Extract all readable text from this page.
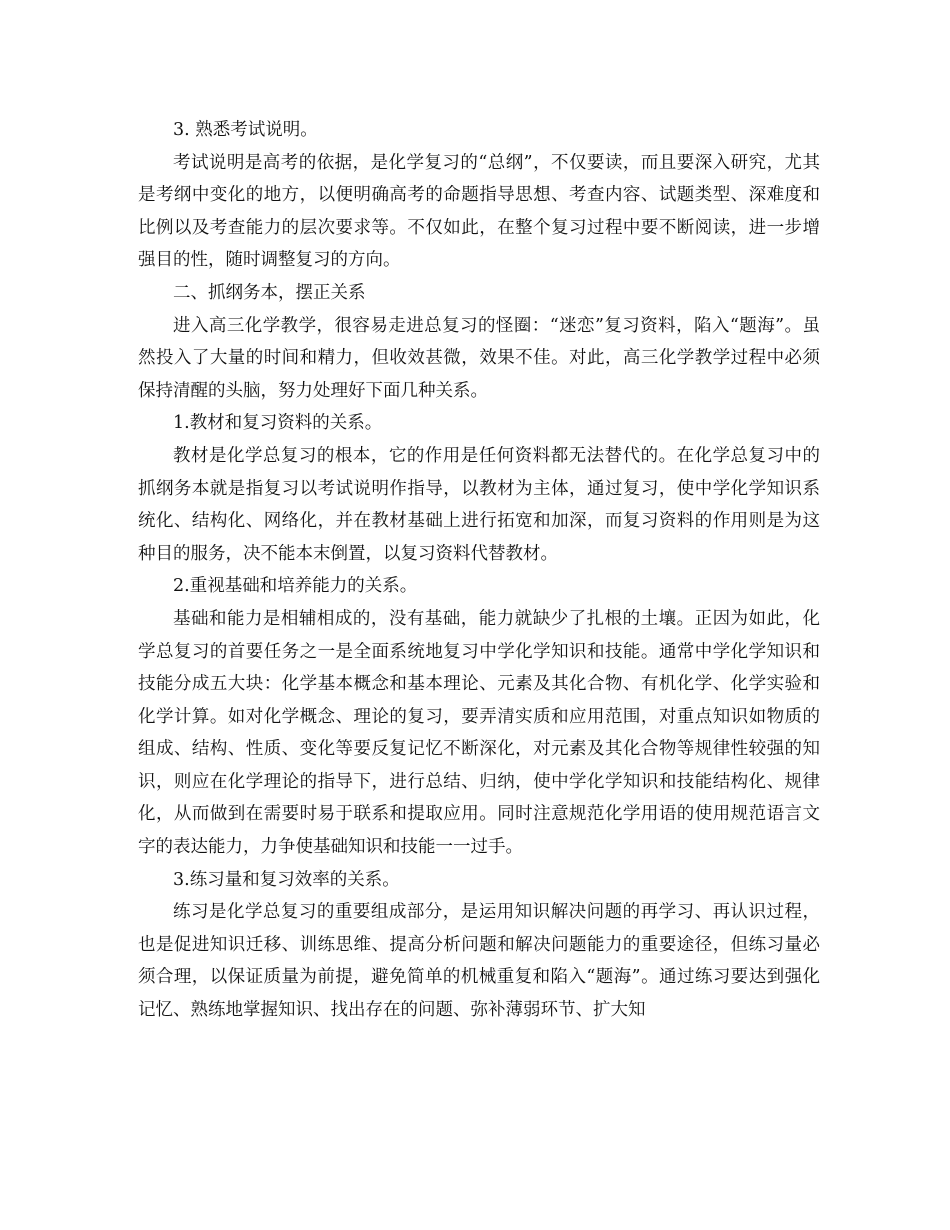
3. 熟悉考试说明。

考试说明是高考的依据，是化学复习的“总纲”，不仅要读，而且要深入研究，尤其是考纲中变化的地方，以便明确高考的命题指导思想、考查内容、试题类型、深难度和比例以及考查能力的层次要求等。不仅如此，在整个复习过程中要不断阅读，进一步增强目的性，随时调整复习的方向。

二、抓纲务本，摆正关系

进入高三化学教学，很容易走进总复习的怪圈：“迷恋”复习资料，陷入“题海”。虽然投入了大量的时间和精力，但收效甚微，效果不佳。对此，高三化学教学过程中必须保持清醒的头脑，努力处理好下面几种关系。

1.教材和复习资料的关系。

教材是化学总复习的根本，它的作用是任何资料都无法替代的。在化学总复习中的抓纲务本就是指复习以考试说明作指导，以教材为主体，通过复习，使中学化学知识系统化、结构化、网络化，并在教材基础上进行拓宽和加深，而复习资料的作用则是为这种目的服务，决不能本末倒置，以复习资料代替教材。

2.重视基础和培养能力的关系。

基础和能力是相辅相成的，没有基础，能力就缺少了扎根的土壤。正因为如此，化学总复习的首要任务之一是全面系统地复习中学化学知识和技能。通常中学化学知识和技能分成五大块：化学基本概念和基本理论、元素及其化合物、有机化学、化学实验和化学计算。如对化学概念、理论的复习，要弄清实质和应用范围，对重点知识如物质的组成、结构、性质、变化等要反复记忆不断深化，对元素及其化合物等规律性较强的知识，则应在化学理论的指导下，进行总结、归纳，使中学化学知识和技能结构化、规律化，从而做到在需要时易于联系和提取应用。同时注意规范化学用语的使用规范语言文字的表达能力，力争使基础知识和技能一一过手。

3.练习量和复习效率的关系。

练习是化学总复习的重要组成部分，是运用知识解决问题的再学习、再认识过程，也是促进知识迁移、训练思维、提高分析问题和解决问题能力的重要途径，但练习量必须合理，以保证质量为前提，避免简单的机械重复和陷入“题海”。通过练习要达到强化记忆、熟练地掌握知识、找出存在的问题、弥补薄弱环节、扩大知
